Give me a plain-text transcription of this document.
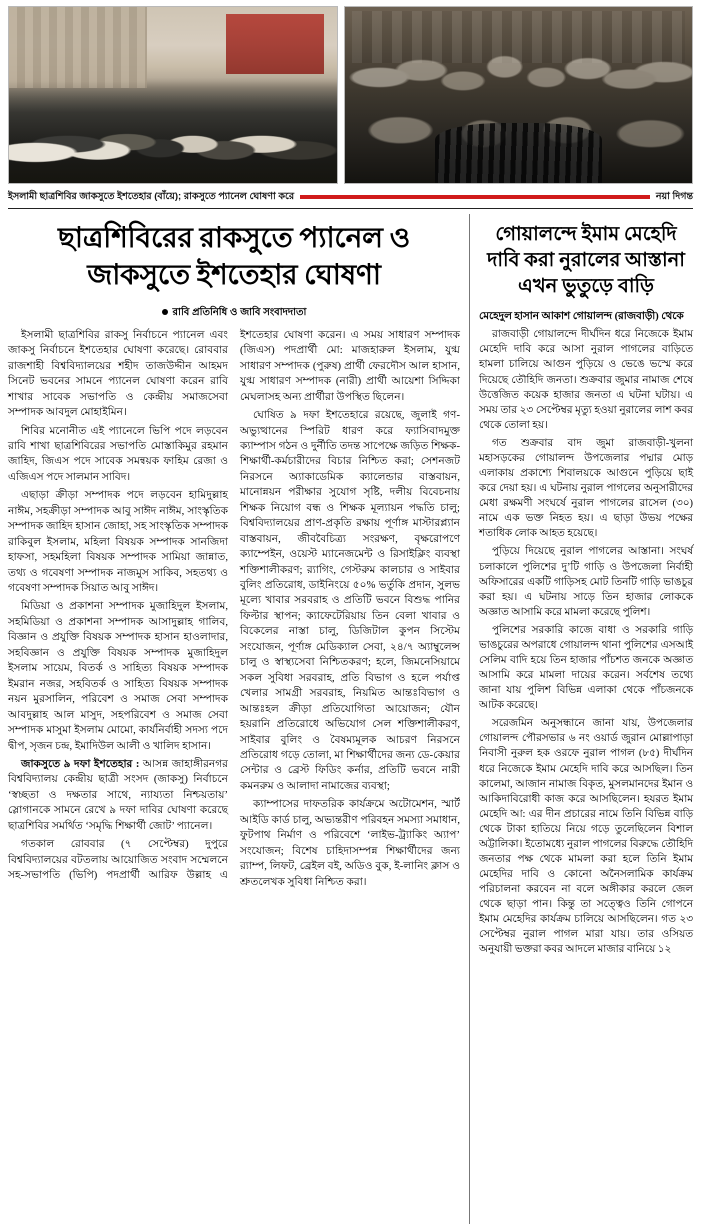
ইসলামী ছাত্রশিবির জাকসুতে ইশতেহার (বাঁয়ে); রাকসুতে প্যানেল ঘোষণা করে	নয়া দিগন্ত
ছাত্রশিবিরের রাকসুতে প্যানেল ও জাকসুতে ইশতেহার ঘোষণা
রাবি প্রতিনিধি ও জাবি সংবাদদাতা

ইসলামী ছাত্রশিবির রাকসু নির্বাচনে প্যানেল এবং জাকসু নির্বাচনে ইশতেহার ঘোষণা করেছে। রোববার রাজশাহী বিশ্ববিদ্যালয়ের শহীদ তাজউদ্দীন আহমদ সিনেট ভবনের সামনে প্যানেল ঘোষণা করেন রাবি শাখার সাবেক সভাপতি ও কেন্দ্রীয় সমাজসেবা সম্পাদক আবদুল মোহাইমিন।

শিবির মনোনীত এই প্যানেলে ভিপি পদে লড়বেন রাবি শাখা ছাত্রশিবিরের সভাপতি মোস্তাকিমুর রহমান জাহিদ, জিএস পদে সাবেক সমন্বয়ক ফাহিম রেজা ও এজিএস পদে সালমান সাবিদ।

এছাড়া ক্রীড়া সম্পাদক পদে লড়বেন হামিদুল্লাহ নাঈম, সহক্রীড়া সম্পাদক আবু সাঈদ নাঈম, সাংস্কৃতিক সম্পাদক জাহিদ হাসান জোহা, সহ সাংস্কৃতিক সম্পাদক রাকিবুল ইসলাম, মহিলা বিষয়ক সম্পাদক সানজিদা হাফসা, সহমহিলা বিষয়ক সম্পাদক সামিয়া জান্নাত, তথ্য ও গবেষণা সম্পাদক নাজমুস সাকিব, সহতথ্য ও গবেষণা সম্পাদক সিয়াত আবু সাঈদ।

মিডিয়া ও প্রকাশনা সম্পাদক মুজাহিদুল ইসলাম, সহমিডিয়া ও প্রকাশনা সম্পাদক আসাদুল্লাহ গালিব, বিজ্ঞান ও প্রযুক্তি বিষয়ক সম্পাদক হাসান হাওলাদার, সহবিজ্ঞান ও প্রযুক্তি বিষয়ক সম্পাদক মুজাহিদুল ইসলাম সায়েম, বিতর্ক ও সাহিত্য বিষয়ক সম্পাদক ইমরান নজর, সহবিতর্ক ও সাহিত্য বিষয়ক সম্পাদক নয়ন মুরসালিন, পরিবেশ ও সমাজ সেবা সম্পাদক আবদুল্লাহ আল মাসুদ, সহপরিবেশ ও সমাজ সেবা সম্পাদক মাসুমা ইসলাম মোমো, কার্যনির্বাহী সদস্য পদে দ্বীপ, সৃজন চন্দ্র, ইমাদিউল আলী ও খালিদ হাসান।

জাকসুতে ৯ দফা ইশতেহার : আসন্ন জাহাঙ্গীরনগর বিশ্ববিদ্যালয় কেন্দ্রীয় ছাত্রী সংসদ (জাকসু) নির্বাচনে ‘স্বচ্ছতা ও দক্ষতার সাথে, ন্যায্যতা নিশ্চয়তায়’ স্লোগানকে সামনে রেখে ৯ দফা দাবির ঘোষণা করেছে ছাত্রশিবির সমর্থিত ‘সমৃদ্ধি শিক্ষার্থী জোট’ প্যানেল।

গতকাল রোববার (৭ সেপ্টেম্বর) দুপুরে বিশ্ববিদ্যালয়ের বটতলায় আয়োজিত সংবাদ সম্মেলনে সহ-সভাপতি (ভিপি) পদপ্রার্থী আরিফ উল্লাহ এ ইশতেহার ঘোষণা করেন। এ সময় সাধারণ সম্পাদক (জিএস) পদপ্রার্থী মো: মাজহারুল ইসলাম, যুগ্ম সাধারণ সম্পাদক (পুরুষ) প্রার্থী ফেরদৌস আল হাসান, যুগ্ম সাধারণ সম্পাদক (নারী) প্রার্থী আয়েশা সিদ্দিকা মেঘলাসহ অন্য প্রার্থীরা উপস্থিত ছিলেন।

ঘোষিত ৯ দফা ইশতেহারে রয়েছে, জুলাই গণ-অভ্যুত্থানের স্পিরিট ধারণ করে ফ্যাসিবাদমুক্ত ক্যাম্পাস গঠন ও দুর্নীতি তদন্ত সাপেক্ষে জড়িত শিক্ষক-শিক্ষার্থী-কর্মচারীদের বিচার নিশ্চিত করা; সেশনজট নিরসনে অ্যাকাডেমিক ক্যালেন্ডার বাস্তবায়ন, মানোন্নয়ন পরীক্ষার সুযোগ সৃষ্টি, দলীয় বিবেচনায় শিক্ষক নিয়োগ বন্ধ ও শিক্ষক মূল্যায়ন পদ্ধতি চালু; বিশ্ববিদ্যালয়ের প্রাণ-প্রকৃতি রক্ষায় পূর্ণাঙ্গ মাস্টারপ্ল্যান বাস্তবায়ন, জীববৈচিত্র্য সংরক্ষণ, বৃক্ষরোপণে ক্যাম্পেইন, ওয়েস্ট ম্যানেজমেন্ট ও রিসাইক্লিং ব্যবস্থা শক্তিশালীকরণ; র‍্যাগিং, গেস্টরুম কালচার ও সাইবার বুলিং প্রতিরোধ, ডাইনিংয়ে ৫০% ভর্তুকি প্রদান, সুলভ মূল্যে খাবার সরবরাহ ও প্রতিটি ভবনে বিশুদ্ধ পানির ফিল্টার স্থাপন; ক্যাফেটেরিয়ায় তিন বেলা খাবার ও বিকেলের নাস্তা চালু, ডিজিটাল কুপন সিস্টেম সংযোজন, পূর্ণাঙ্গ মেডিক্যাল সেবা, ২৪/৭ অ্যাম্বুলেন্স চালু ও স্বাস্থ্যসেবা নিশ্চিতকরণ; হলে, জিমনেসিয়ামে সকল সুবিধা সরবরাহ, প্রতি বিভাগ ও হলে পর্যাপ্ত খেলার সামগ্রী সরবরাহ, নিয়মিত আন্তঃবিভাগ ও আন্তঃহল ক্রীড়া প্রতিযোগিতা আয়োজন; যৌন হয়রানি প্রতিরোধে অভিযোগ সেল শক্তিশালীকরণ, সাইবার বুলিং ও বৈষম্যমূলক আচরণ নিরসনে প্রতিরোধ গড়ে তোলা, মা শিক্ষার্থীদের জন্য ডে-কেয়ার সেন্টার ও ব্রেস্ট ফিডিং কর্নার, প্রতিটি ভবনে নারী কমনরুম ও আলাদা নামাজের ব্যবস্থা;

ক্যাম্পাসের দাফতরিক কার্যক্রমে অটোমেশন, স্মার্ট আইডি কার্ড চালু, অভ্যন্তরীণ পরিবহন সমস্যা সমাধান, ফুটপাথ নির্মাণ ও পরিবেশে ‘লাইভ-ট্র্যাকিং অ্যাপ’ সংযোজন; বিশেষ চাহিদাসম্পন্ন শিক্ষার্থীদের জন্য র‍্যাম্প, লিফট, ব্রেইল বই, অডিও বুক, ই-লানিং ক্লাস ও শ্রুতলেখক সুবিধা নিশ্চিত করা।

গোয়ালন্দে ইমাম মেহেদি দাবি করা নুরালের আস্তানা এখন ভুতুড়ে বাড়ি

মেহেদুল হাসান আকাশ গোয়ালন্দ (রাজবাড়ী) থেকে

রাজবাড়ী গোয়ালন্দে দীর্ঘদিন ধরে নিজেকে ইমাম মেহেদি দাবি করে আসা নুরাল পাগলের বাড়িতে হামলা চালিয়ে আগুন পুড়িয়ে ও ভেঙে ভস্মে করে দিয়েছে তৌহিদি জনতা। শুক্রবার জুমার নামাজ শেষে উত্তেজিত কয়েক হাজার জনতা এ ঘটনা ঘটায়। এ সময় তার ২৩ সেপ্টেম্বর মৃত্যু হওয়া নুরালের লাশ কবর থেকে তোলা হয়।

গত শুক্রবার বাদ জুমা রাজবাড়ী-খুলনা মহাসড়কের গোয়ালন্দ উপজেলার পদ্মার মোড় এলাকায় প্রকাশ্যে শিবালয়কে আগুনে পুড়িয়ে ছাই করে দেয়া হয়। এ ঘটনায় নুরাল পাগলের অনুসারীদের মেধা রক্ষমণী সংঘর্ষে নুরাল পাগলের রাসেল (৩০) নামে এক ভক্ত নিহত হয়। এ ছাড়া উভয় পক্ষের শতাধিক লোক আহত হয়েছে।

পুড়িয়ে দিয়েছে নুরাল পাগলের আস্তানা। সংঘর্ষ চলাকালে পুলিশের দু’টি গাড়ি ও উপজেলা নির্বাহী অফিসারের একটি গাড়িসহ মোট তিনটি গাড়ি ভাঙচুর করা হয়। এ ঘটনায় সাড়ে তিন হাজার লোককে অজ্ঞাত আসামি করে মামলা করেছে পুলিশ।

পুলিশের সরকারি কাজে বাধা ও সরকারি গাড়ি ভাঙচুরের অপরাধে গোয়ালন্দ থানা পুলিশের এসআই সেলিম বাদি হয়ে তিন হাজার পাঁচশত জনকে অজ্ঞাত আসামি করে মামলা দায়ের করেন। সর্বশেষ তথ্যে জানা যায় পুলিশ বিভিন্ন এলাকা থেকে পাঁচজনকে আটক করেছে।

সরেজমিন অনুসন্ধানে জানা যায়, উপজেলার গোয়ালন্দ পৌরসভার ৬ নং ওয়ার্ড জুরান মোল্লাপাড়া নিবাসী নুরুল হক ওরফে নুরাল পাগল (৮৫) দীর্ঘদিন ধরে নিজেকে ইমাম মেহেদি দাবি করে আসছিল। তিন কালেমা, আজান নামাজ বিকৃত, মুসলমানদের ইমান ও আকিদাবিরোধী কাজ করে আসছিলেন। হযরত ইমাম মেহেদি আ: এর দীন প্রচারের নামে তিনি বিভিন্ন বাড়ি থেকে টাকা হাতিয়ে নিয়ে গড়ে তুলেছিলেন বিশাল অট্টালিকা। ইতোমধ্যে নুরাল পাগলের বিরুদ্ধে তৌহিদি জনতার পক্ষ থেকে মামলা করা হলে তিনি ইমাম মেহেদির দাবি ও কোনো অনৈসলামিক কার্যক্রম পরিচালনা করবেন না বলে অঙ্গীকার করলে জেল থেকে ছাড়া পান। কিন্তু তা সত্ত্বেও তিনি গোপনে ইমাম মেহেদির কার্যক্রম চালিয়ে আসছিলেন। গত ২৩ সেপ্টেম্বর নুরাল পাগল মারা যায়। তার ওসিয়ত অনুযায়ী ভক্তরা কবর আদলে মাজার বানিয়ে ১২
